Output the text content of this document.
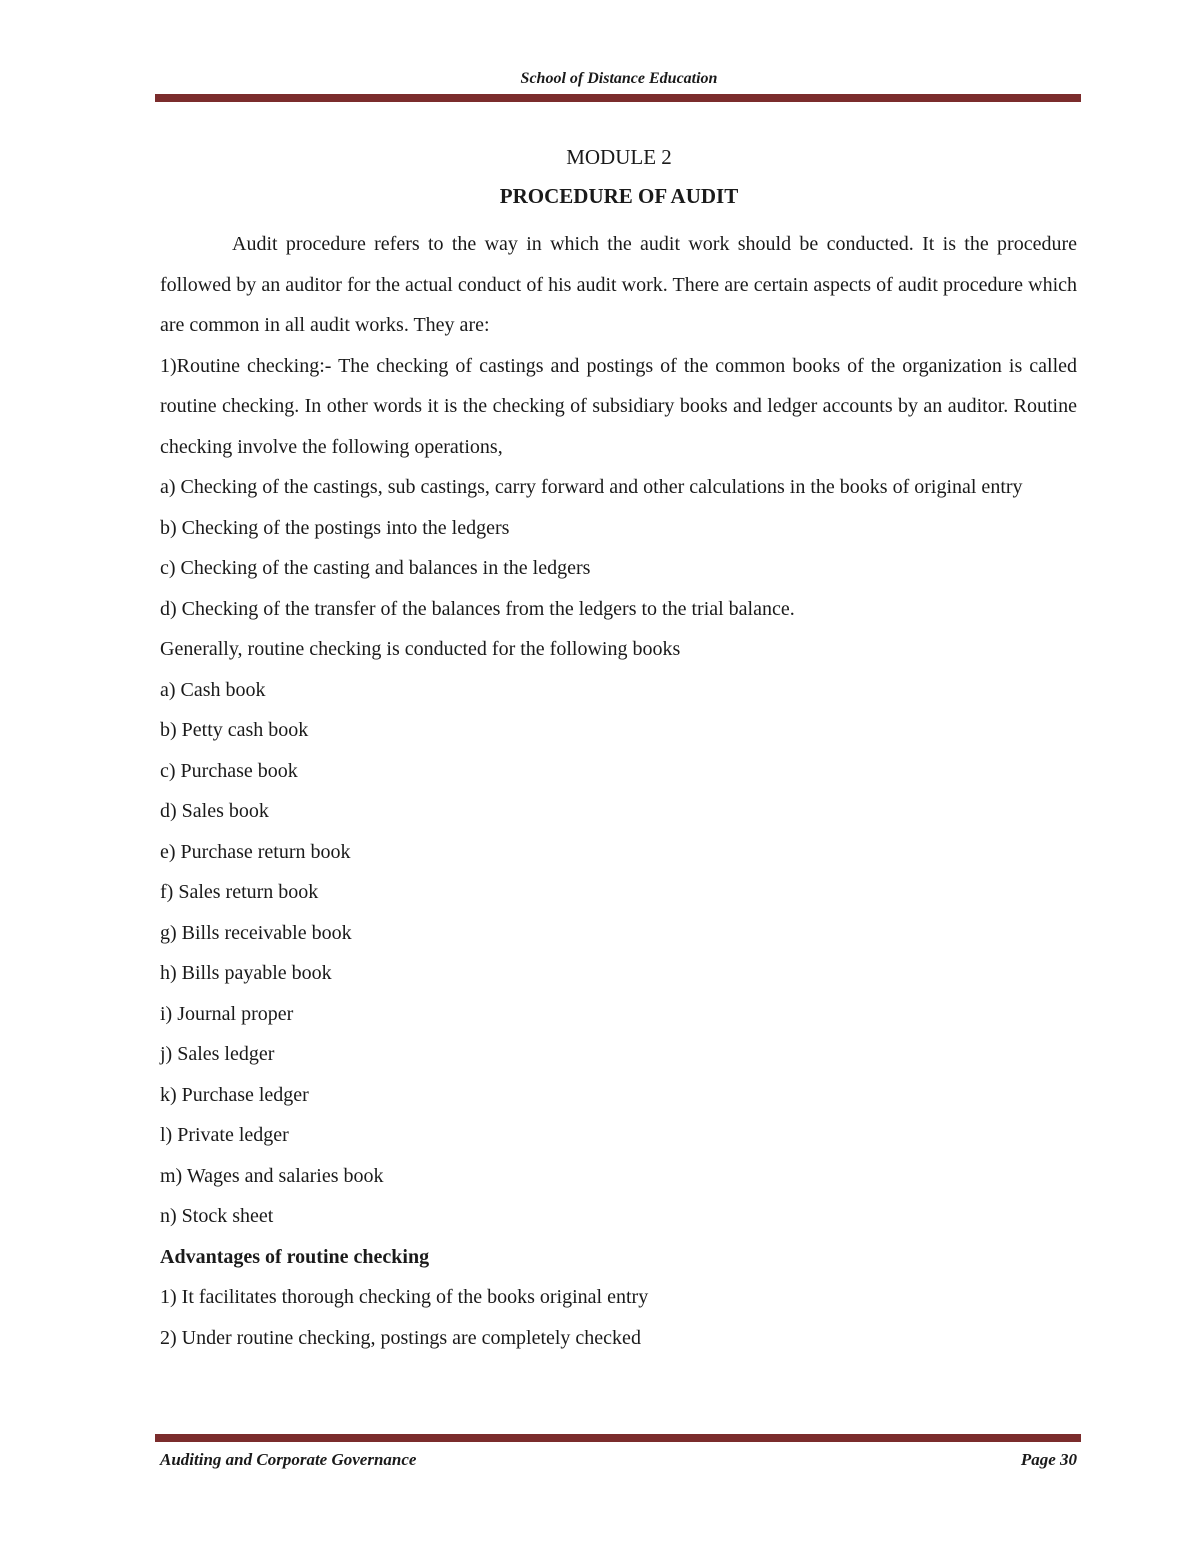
School of Distance Education
MODULE 2
PROCEDURE OF AUDIT

Audit procedure refers to the way in which the audit work should be conducted. It is the procedure followed by an auditor for the actual conduct of his audit work. There are certain aspects of audit procedure which are common in all audit works. They are:

1)Routine checking:- The checking of castings and postings of the common books of the organization is called routine checking. In other words it is the checking of subsidiary books and ledger accounts by an auditor. Routine checking involve the following operations,

a) Checking of the castings, sub castings, carry forward and other calculations in the books of original entry

b) Checking of the postings into the ledgers

c) Checking of the casting and balances in the ledgers

d) Checking of the transfer of the balances from the ledgers to the trial balance.

Generally, routine checking is conducted for the following books

a) Cash book

b) Petty cash book

c) Purchase book

d) Sales book

e) Purchase return book

f) Sales return book

g) Bills receivable book

h) Bills payable book

i) Journal proper

j) Sales ledger

k) Purchase ledger

l) Private ledger

m) Wages and salaries book

n) Stock sheet

Advantages of routine checking

1) It facilitates thorough checking of the books original entry

2) Under routine checking, postings are completely checked

Auditing and Corporate Governance	Page 30
